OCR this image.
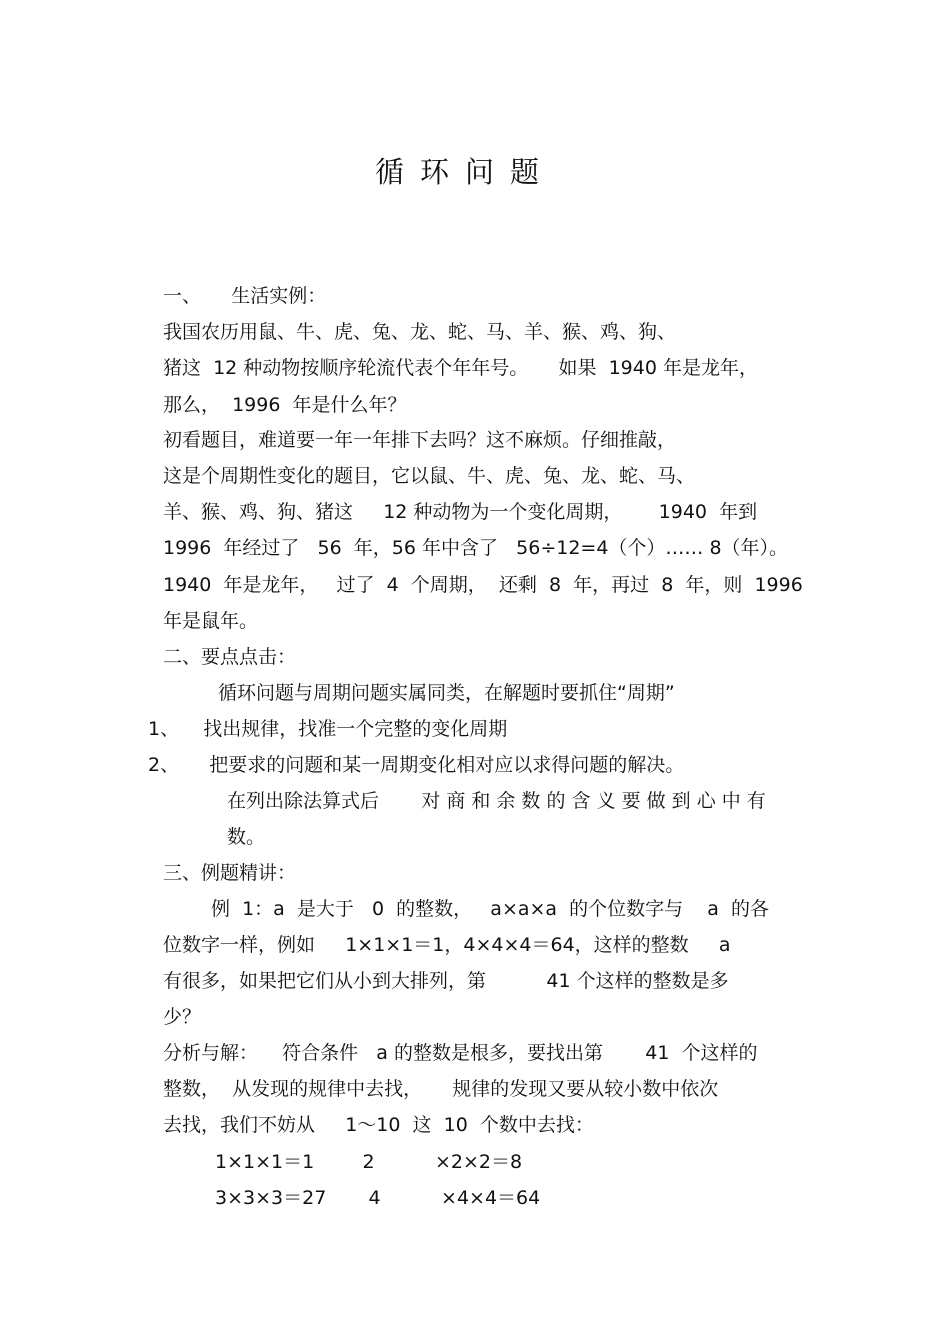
循环问题
一、     生活实例：
我国农历用鼠、牛、虎、兔、龙、蛇、马、羊、猴、鸡、狗、
猪这  12 种动物按顺序轮流代表个年年号。     如果  1940 年是龙年，
那么，  1996  年是什么年？
初看题目，难道要一年一年排下去吗？这不麻烦。仔细推敲，
这是个周期性变化的题目，它以鼠、牛、虎、兔、龙、蛇、马、
羊、猴、鸡、狗、猪这     12 种动物为一个变化周期，      1940  年到
1996  年经过了   56  年，56 年中含了   56÷12=4（个）…… 8（年）。
1940  年是龙年，   过了  4  个周期，  还剩  8  年，再过  8  年，则  1996
年是鼠年。
二、要点点击：
循环问题与周期问题实属同类，在解题时要抓住“周期”
1、    找出规律，找准一个完整的变化周期
2、     把要求的问题和某一周期变化相对应以求得问题的解决。
在列出除法算式后       对 商 和 余 数 的 含 义 要 做 到 心 中 有
数。
三、例题精讲：
例  1：a  是大于   0  的整数，   a×a×a  的个位数字与    a  的各
位数字一样，例如     1×1×1＝1，4×4×4＝64，这样的整数     a
有很多，如果把它们从小到大排列，第          41 个这样的整数是多
少？
分析与解：    符合条件   a 的整数是根多，要找出第       41  个这样的
整数，  从发现的规律中去找，     规律的发现又要从较小数中依次
去找，我们不妨从     1～10  这  10  个数中去找：
1×1×1＝1        2          ×2×2＝8
3×3×3＝27       4          ×4×4＝64
